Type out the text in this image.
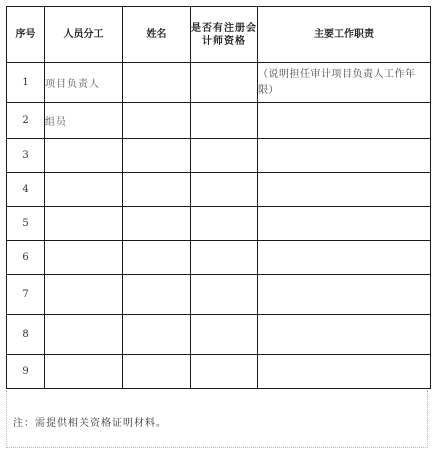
序号	人员分工	姓名	是否有注册会计师资格	主要工作职责
1	项目负责人			（说明担任审计项目负责人工作年限）
2	组员			
3				
4				
5				
6				
7				
8				
9				
注：需提供相关资格证明材料。
